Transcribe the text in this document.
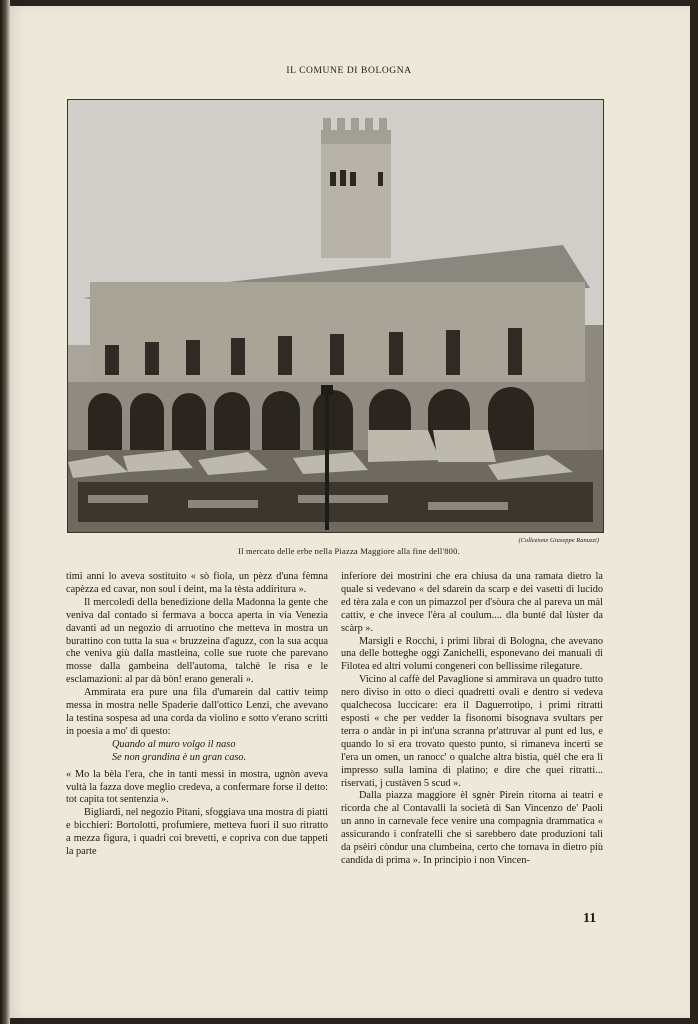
IL COMUNE DI BOLOGNA
(Collezione Giuseppe Ranuzzi)
Il mercato delle erbe nella Piazza Maggiore alla fine dell'800.

timi anni lo aveva sostituito « sò fiola, un pèzz d'una fèmna capèzza ed cavar, non soul i deint, ma la tèsta addiritura ».

Il mercoledì della benedizione della Madonna la gente che veniva dal contado si fermava a bocca aperta in via Venezia davanti ad un negozio di arruotino che metteva in mostra un burattino con tutta la sua « bruzzeina d'aguzz, con la sua acqua che veniva giù dalla mastleina, colle sue ruote che parevano mosse dalla gambeina dell'automa, talchè le risa e le esclamazioni: al par dà bòn! erano generali ».

Ammirata era pure una fila d'umarein dal cattiv teimp messa in mostra nelle Spaderie dall'ottico Lenzi, che avevano la testina sospesa ad una corda da violino e sotto v'erano scritti in poesia a mo' di questo:

Quando al muro volgo il naso
Se non grandina è un gran caso.

« Mo la bèla l'era, che in tanti messi in mostra, ugnòn aveva vultà la fazza dove meglio credeva, a confermare forse il detto: tot capita tot sentenzia ».

Bigliardi, nel negozio Pitani, sfoggiava una mostra di piatti e bicchieri: Bortolotti, profumiere, metteva fuori il suo ritratto a mezza figura, i quadri coi brevetti, e copriva con due tappeti la parte

inferiore dei mostrini che era chiusa da una ramata dietro la quale si vedevano « del sdarein da scarp e dei vasetti di lucido ed tèra zala e con un pimazzol per d'sòura che al pareva un màl cattiv, e che invece l'èra al coulum.... dla bunté dal lùster da scàrp ».

Marsigli e Rocchi, i primi librai di Bologna, che avevano una delle botteghe oggi Zanichelli, esponevano dei manuali di Filotea ed altri volumi congeneri con bellissime rilegature.

Vicino al caffè del Pavaglione si ammirava un quadro tutto nero diviso in otto o dieci quadretti ovali e dentro si vedeva qualchecosa luccicare: era il Daguerrotipo, i primi ritratti esposti « che per vedder la fisonomì bisognava svultars per terra o andàr in pi int'una scranna pr'attruvar al punt ed lus, e quando lo si era trovato questo punto, si rimaneva incerti se l'era un omen, un ranocc' o qualche altra bistia, quèl che era lì impresso sulla lamina di platino; e dire che quei ritratti... riservati, j custàven 5 scud ».

Dalla piazza maggiore èl sgnèr Pirein ritorna ai teatri e ricorda che al Contavalli la società di San Vincenzo de' Paoli un anno in carnevale fece venire una compagnia drammatica « assicurando i confratelli che si sarebbero date produzioni tali da psèiri còndur una clumbeina, certo che tornava in dietro più candida di prima ». In principio i non Vincen-

11
